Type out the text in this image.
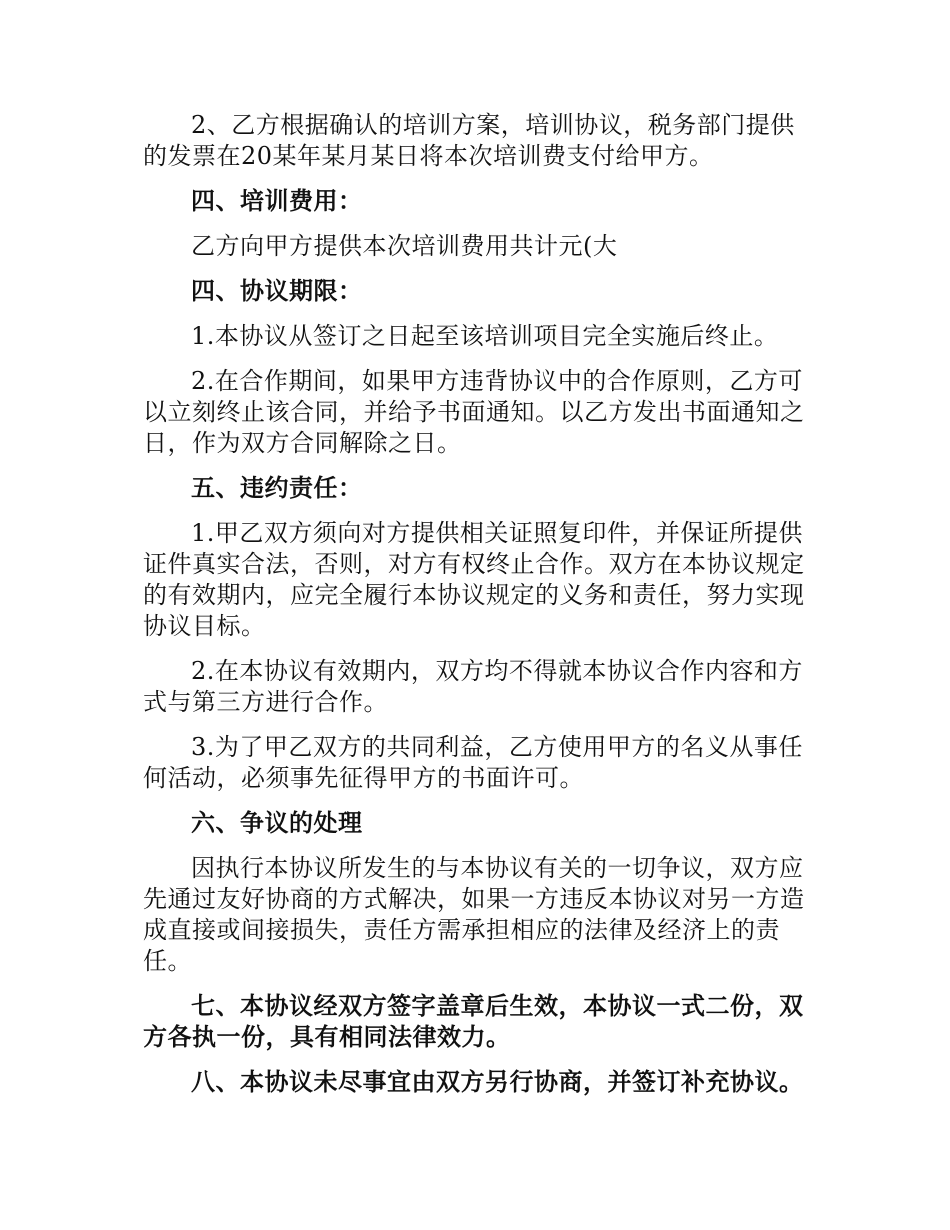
2、乙方根据确认的培训方案，培训协议，税务部门提供的发票在20某年某月某日将本次培训费支付给甲方。

四、培训费用：

乙方向甲方提供本次培训费用共计元(大

四、协议期限：

1.本协议从签订之日起至该培训项目完全实施后终止。

2.在合作期间，如果甲方违背协议中的合作原则，乙方可以立刻终止该合同，并给予书面通知。以乙方发出书面通知之日，作为双方合同解除之日。

五、违约责任：

1.甲乙双方须向对方提供相关证照复印件，并保证所提供证件真实合法，否则，对方有权终止合作。双方在本协议规定的有效期内，应完全履行本协议规定的义务和责任，努力实现协议目标。

2.在本协议有效期内，双方均不得就本协议合作内容和方式与第三方进行合作。

3.为了甲乙双方的共同利益，乙方使用甲方的名义从事任何活动，必须事先征得甲方的书面许可。

六、争议的处理

因执行本协议所发生的与本协议有关的一切争议，双方应先通过友好协商的方式解决，如果一方违反本协议对另一方造成直接或间接损失，责任方需承担相应的法律及经济上的责任。

七、本协议经双方签字盖章后生效，本协议一式二份，双方各执一份，具有相同法律效力。

八、本协议未尽事宜由双方另行协商，并签订补充协议。
